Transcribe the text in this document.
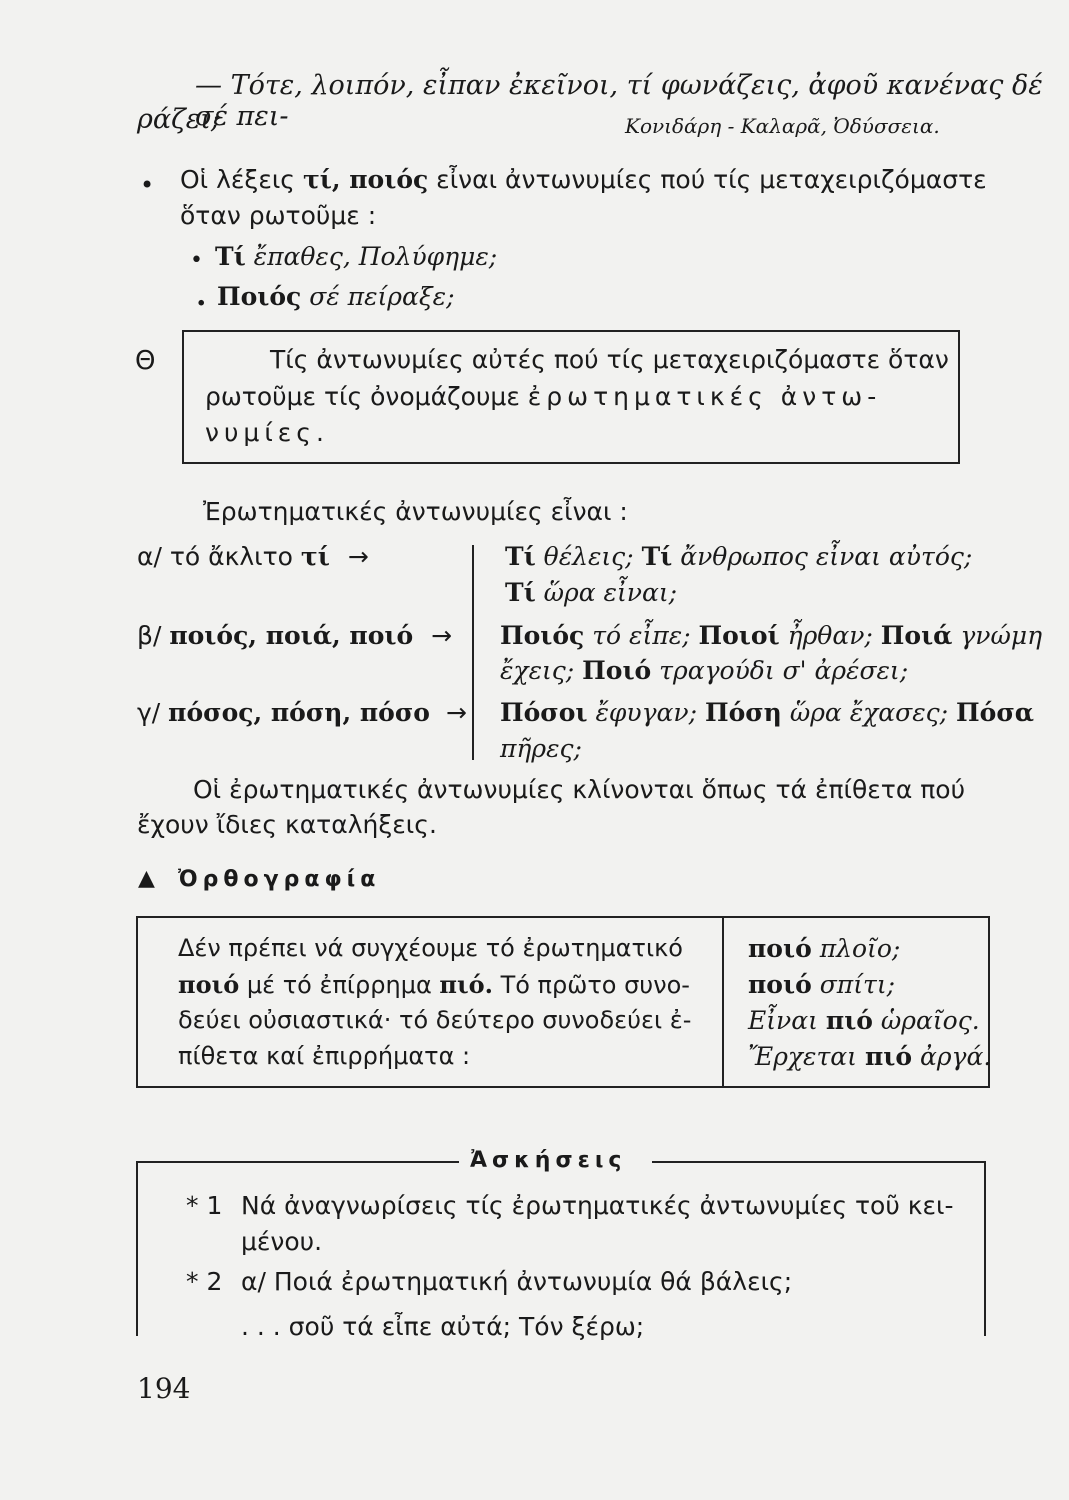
— Τότε, λοιπόν, εἶπαν ἐκεῖνοι, τί φωνάζεις, ἀφοῦ κανένας δέ σέ πει-
ράζει;	Κονιδάρη - Καλαρᾶ, Ὀδύσσεια.
• Οἱ λέξεις τί, ποιός εἶναι ἀντωνυμίες πού τίς μεταχειριζόμαστε
ὅταν ρωτοῦμε :
• Τί ἔπαθες, Πολύφημε;
. Ποιός σέ πείραξε;
Θ	Τίς ἀντωνυμίες αὐτές πού τίς μεταχειριζόμαστε ὅταν
ρωτοῦμε τίς ὀνομάζουμε ἐρωτηματικές ἀντω-
νυμίες.
Ἐρωτηματικές ἀντωνυμίες εἶναι :
α/ τό ἄκλιτο τί →
β/ ποιός, ποιά, ποιό →
γ/ πόσος, πόση, πόσο →
Τί θέλεις; Τί ἄνθρωπος εἶναι αὐτός;
Τί ὥρα εἶναι;
Ποιός τό εἶπε; Ποιοί ἦρθαν; Ποιά γνώμη
ἔχεις; Ποιό τραγούδι σ' ἀρέσει;
Πόσοι ἔφυγαν; Πόση ὥρα ἔχασες; Πόσα
πῆρες;
Οἱ ἐρωτηματικές ἀντωνυμίες κλίνονται ὅπως τά ἐπίθετα πού
ἔχουν ἴδιες καταλήξεις.
▲ Ὀρθογραφία
Δέν πρέπει νά συγχέουμε τό ἐρωτηματικό
ποιό μέ τό ἐπίρρημα πιό. Τό πρῶτο συνο-
δεύει οὐσιαστικά· τό δεύτερο συνοδεύει ἐ-
πίθετα καί ἐπιρρήματα :
ποιό πλοῖο;
ποιό σπίτι;
Εἶναι πιό ὡραῖος.
Ἔρχεται πιό ἀργά.
Ἀσκήσεις
* 1 Νά ἀναγνωρίσεις τίς ἐρωτηματικές ἀντωνυμίες τοῦ κει-
μένου.
* 2 α/ Ποιά ἐρωτηματική ἀντωνυμία θά βάλεις;
. . . σοῦ τά εἶπε αὐτά; Τόν ξέρω;
194
